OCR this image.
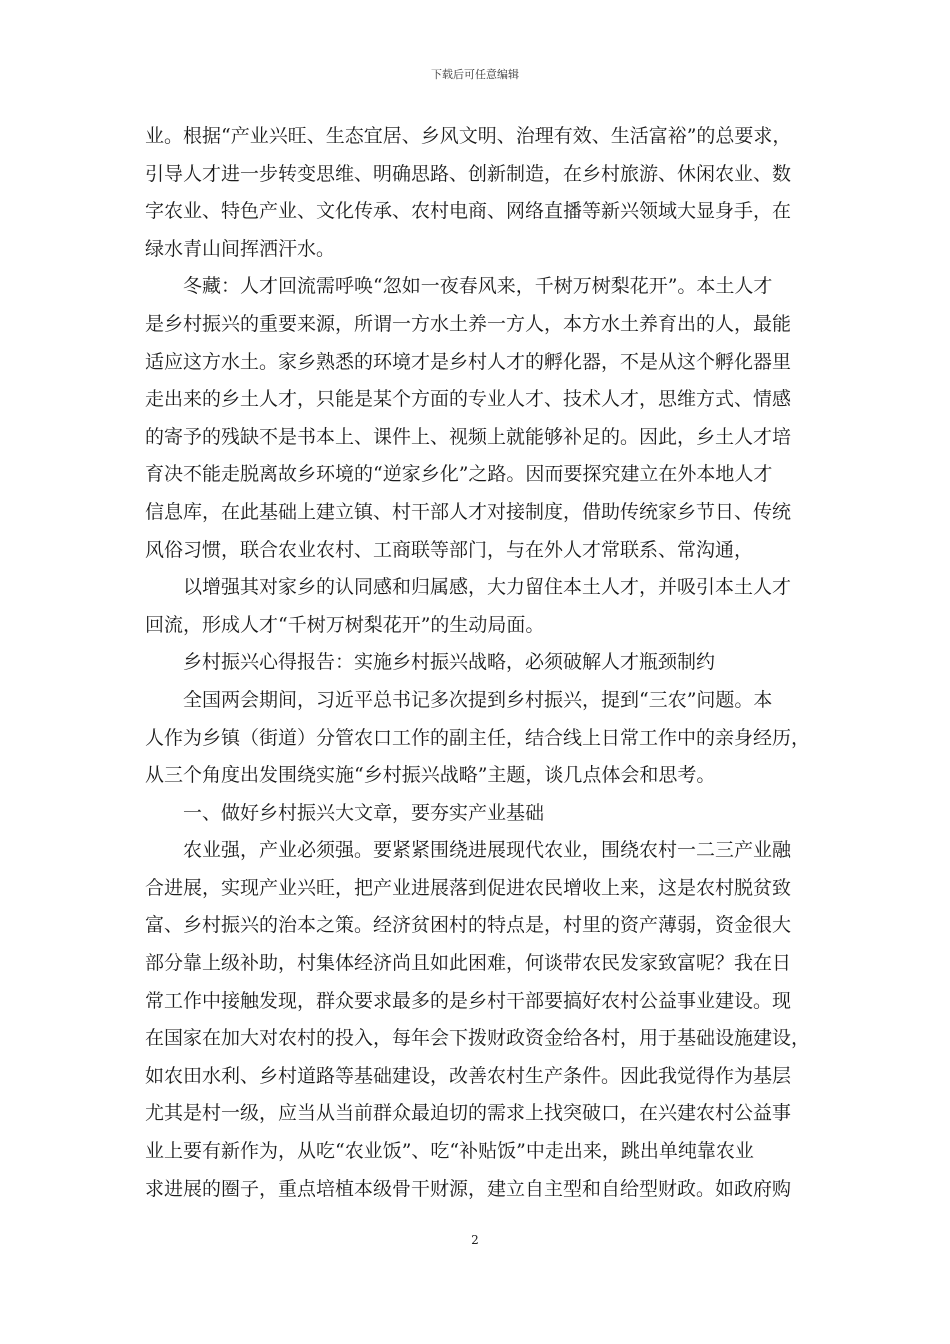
下载后可任意编辑
业。根据“产业兴旺、生态宜居、乡风文明、治理有效、生活富裕”的总要求，
引导人才进一步转变思维、明确思路、创新制造，在乡村旅游、休闲农业、数
字农业、特色产业、文化传承、农村电商、网络直播等新兴领域大显身手，在
绿水青山间挥洒汗水。
冬藏：人才回流需呼唤“忽如一夜春风来，千树万树梨花开”。本土人才
是乡村振兴的重要来源，所谓一方水土养一方人，本方水土养育出的人，最能
适应这方水土。家乡熟悉的环境才是乡村人才的孵化器，不是从这个孵化器里
走出来的乡土人才，只能是某个方面的专业人才、技术人才，思维方式、情感
的寄予的残缺不是书本上、课件上、视频上就能够补足的。因此，乡土人才培
育决不能走脱离故乡环境的“逆家乡化”之路。因而要探究建立在外本地人才
信息库，在此基础上建立镇、村干部人才对接制度，借助传统家乡节日、传统
风俗习惯，联合农业农村、工商联等部门，与在外人才常联系、常沟通，
以增强其对家乡的认同感和归属感，大力留住本土人才，并吸引本土人才
回流，形成人才“千树万树梨花开”的生动局面。
乡村振兴心得报告：实施乡村振兴战略，必须破解人才瓶颈制约
全国两会期间，习近平总书记多次提到乡村振兴，提到“三农”问题。本
人作为乡镇（街道）分管农口工作的副主任，结合线上日常工作中的亲身经历，
从三个角度出发围绕实施“乡村振兴战略”主题，谈几点体会和思考。
一、做好乡村振兴大文章，要夯实产业基础
农业强，产业必须强。要紧紧围绕进展现代农业，围绕农村一二三产业融
合进展，实现产业兴旺，把产业进展落到促进农民增收上来，这是农村脱贫致
富、乡村振兴的治本之策。经济贫困村的特点是，村里的资产薄弱，资金很大
部分靠上级补助，村集体经济尚且如此困难，何谈带农民发家致富呢？我在日
常工作中接触发现，群众要求最多的是乡村干部要搞好农村公益事业建设。现
在国家在加大对农村的投入，每年会下拨财政资金给各村，用于基础设施建设，
如农田水利、乡村道路等基础建设，改善农村生产条件。因此我觉得作为基层
尤其是村一级，应当从当前群众最迫切的需求上找突破口，在兴建农村公益事
业上要有新作为，从吃“农业饭”、吃“补贴饭”中走出来，跳出单纯靠农业
求进展的圈子，重点培植本级骨干财源，建立自主型和自给型财政。如政府购
2
